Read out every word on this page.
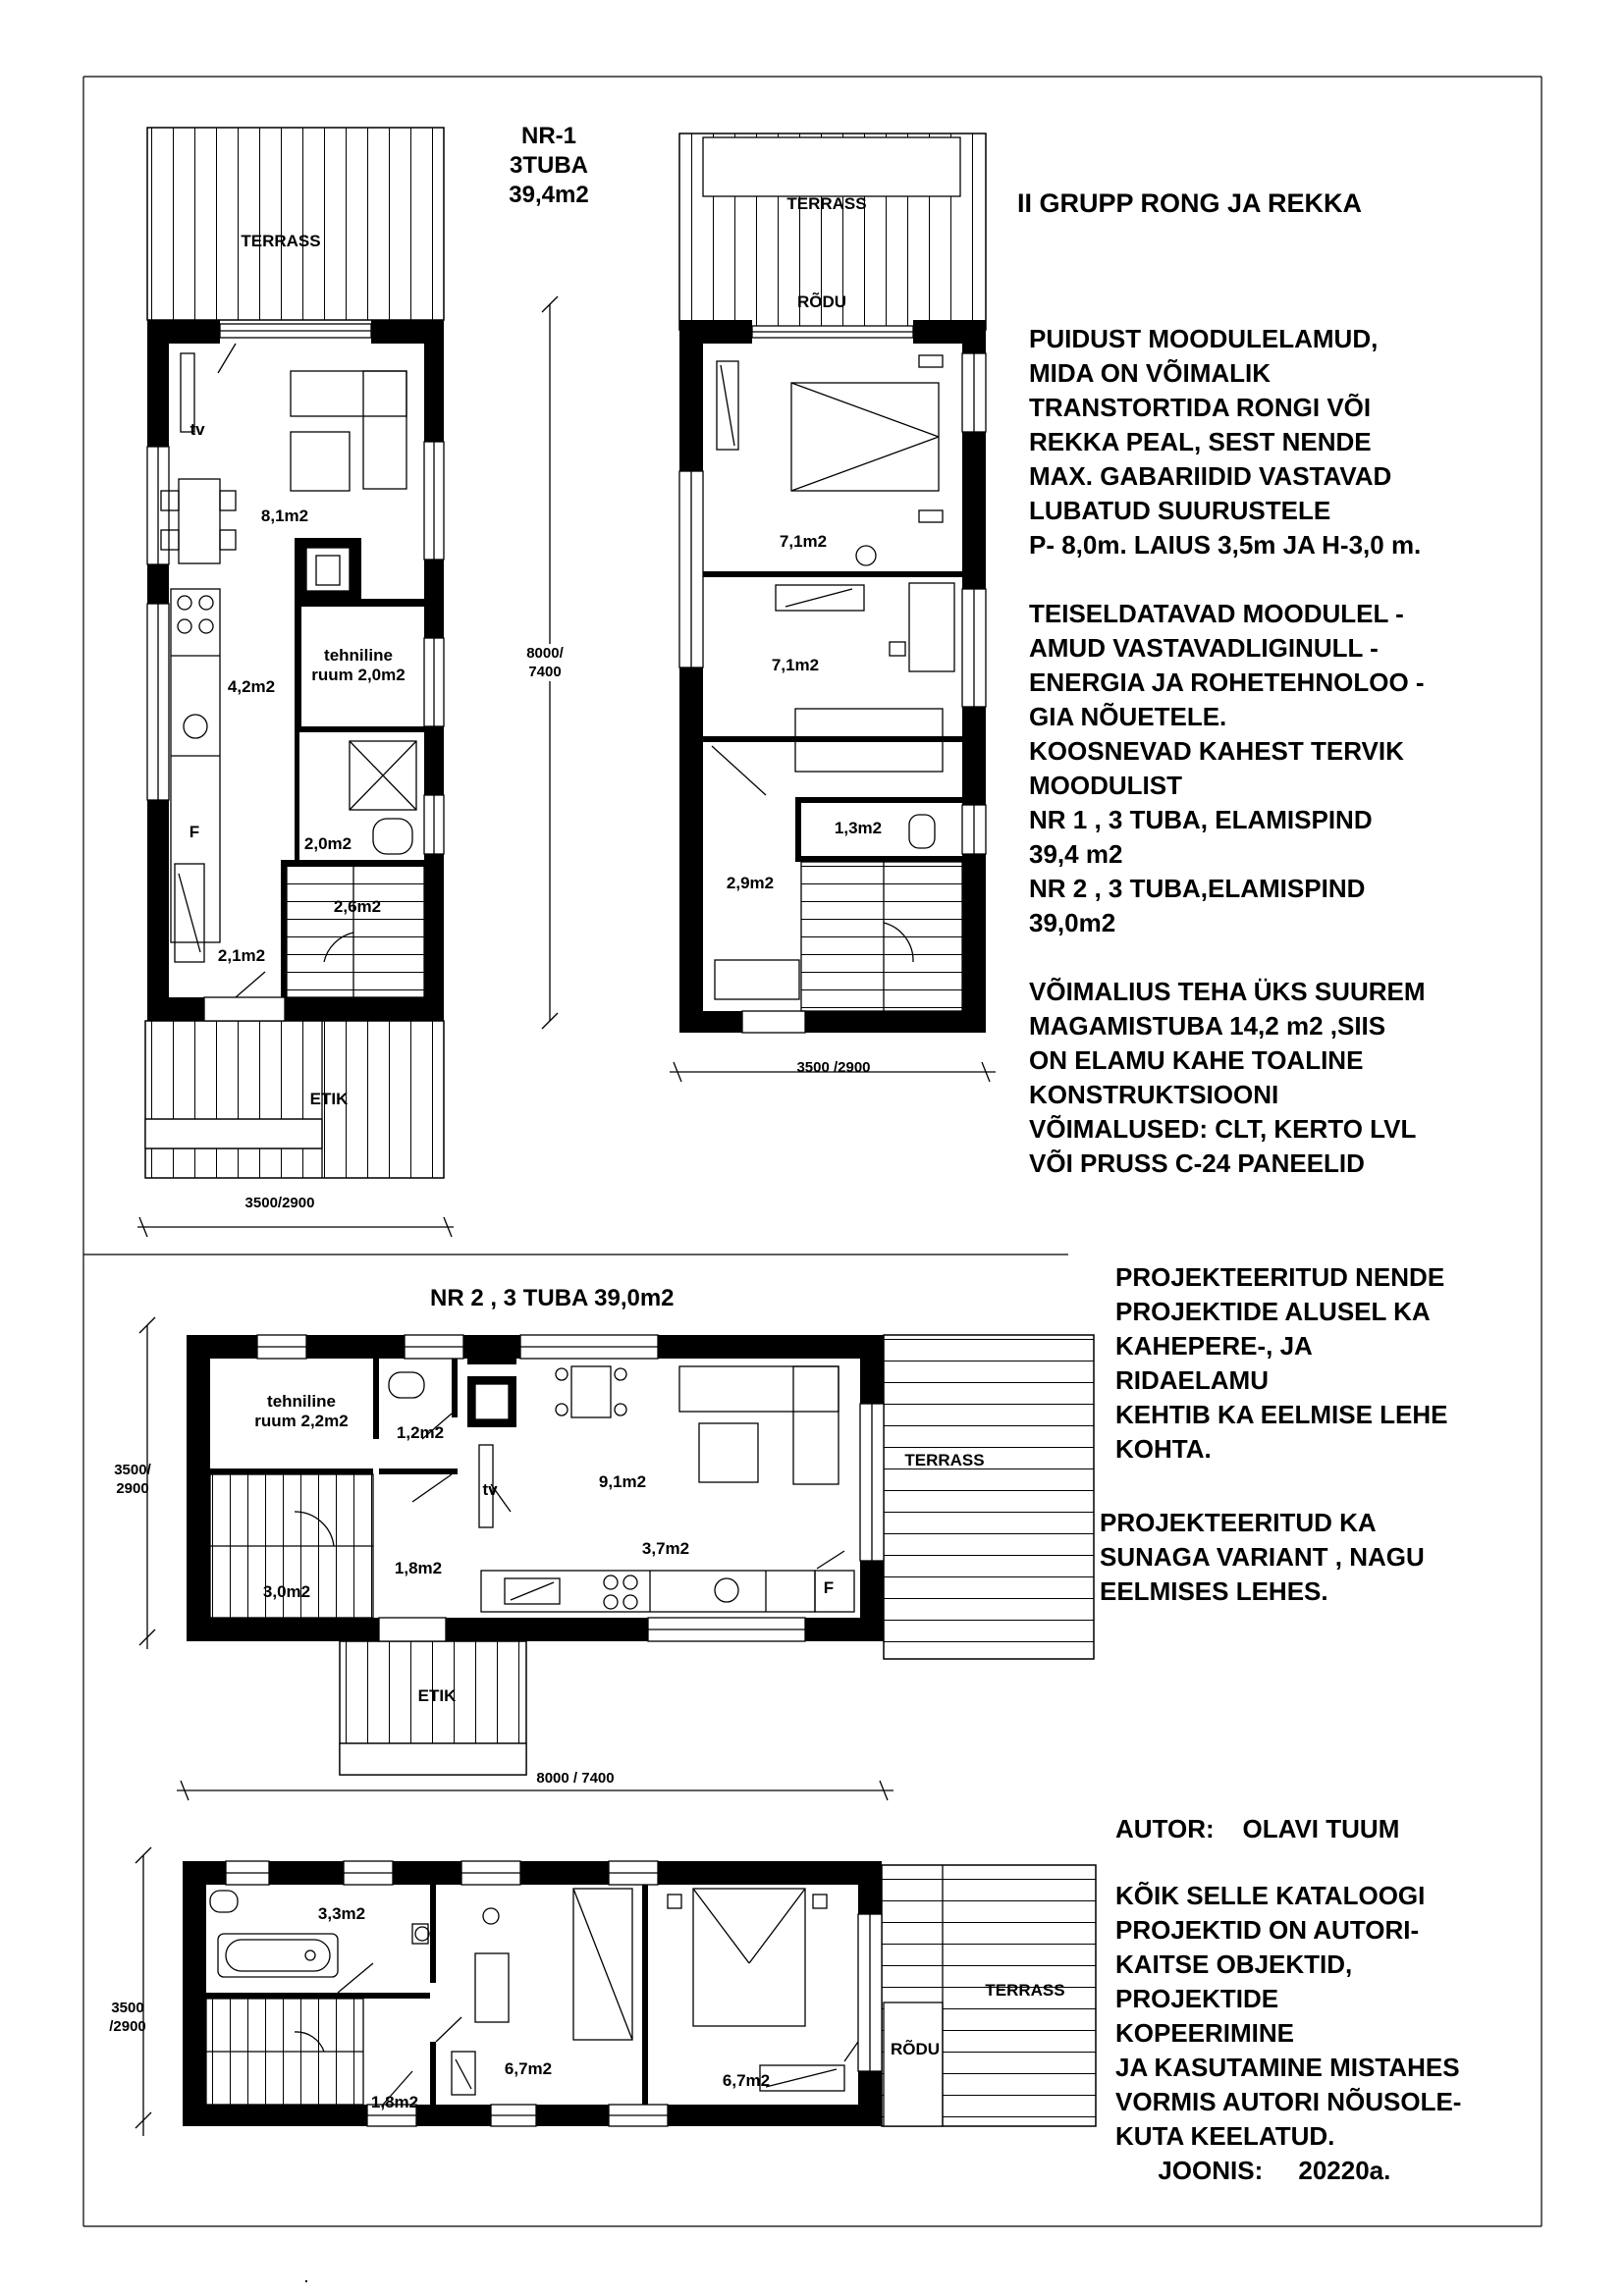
NR-1
3TUBA
39,4m2
TERRASS
tv
8,1m2
4,2m2
tehniline
ruum 2,0m2
2,0m2
F
2,6m2
2,1m2
ETIK
3500/2900
8000/
7400
TERRASS
RÕDU
7,1m2
7,1m2
1,3m2
2,9m2
3500 /2900
NR 2 , 3 TUBA 39,0m2
tehniline
ruum 2,2m2
1,2m2
9,1m2
tv
3,7m2
F
1,8m2
3,0m2
TERRASS
ETIK
8000 / 7400
3500/
2900
3,3m2
6,7m2
6,7m2
1,8m2
RÕDU
TERRASS
3500
/2900
II GRUPP RONG JA REKKA
PUIDUST MOODULELAMUD,
MIDA ON VÕIMALIK
TRANSTORTIDA RONGI VÕI
REKKA PEAL, SEST NENDE
MAX. GABARIIDID VASTAVAD
LUBATUD SUURUSTELE
P- 8,0m. LAIUS 3,5m JA H-3,0 m.

TEISELDATAVAD MOODULEL -
AMUD VASTAVADLIGINULL -
ENERGIA JA ROHETEHNOLOO -
GIA NÕUETELE.
KOOSNEVAD KAHEST TERVIK
MOODULIST
NR 1 , 3 TUBA, ELAMISPIND
39,4 m2
NR 2 , 3 TUBA,ELAMISPIND
39,0m2

VÕIMALIUS TEHA ÜKS SUUREM
MAGAMISTUBA 14,2 m2 ,SIIS
ON ELAMU KAHE TOALINE
KONSTRUKTSIOONI
VÕIMALUSED: CLT, KERTO LVL
VÕI PRUSS C-24 PANEELID
PROJEKTEERITUD NENDE
PROJEKTIDE ALUSEL KA
KAHEPERE-, JA
RIDAELAMU
KEHTIB KA EELMISE LEHE
KOHTA.
PROJEKTEERITUD KA
SUNAGA VARIANT , NAGU
EELMISES LEHES.
AUTOR:    OLAVI TUUM
KÕIK SELLE KATALOOGI
PROJEKTID ON AUTORI-
KAITSE OBJEKTID,
PROJEKTIDE
KOPEERIMINE
JA KASUTAMINE MISTAHES
VORMIS AUTORI NÕUSOLE-
KUTA KEELATUD.
JOONIS:     20220a.
.
